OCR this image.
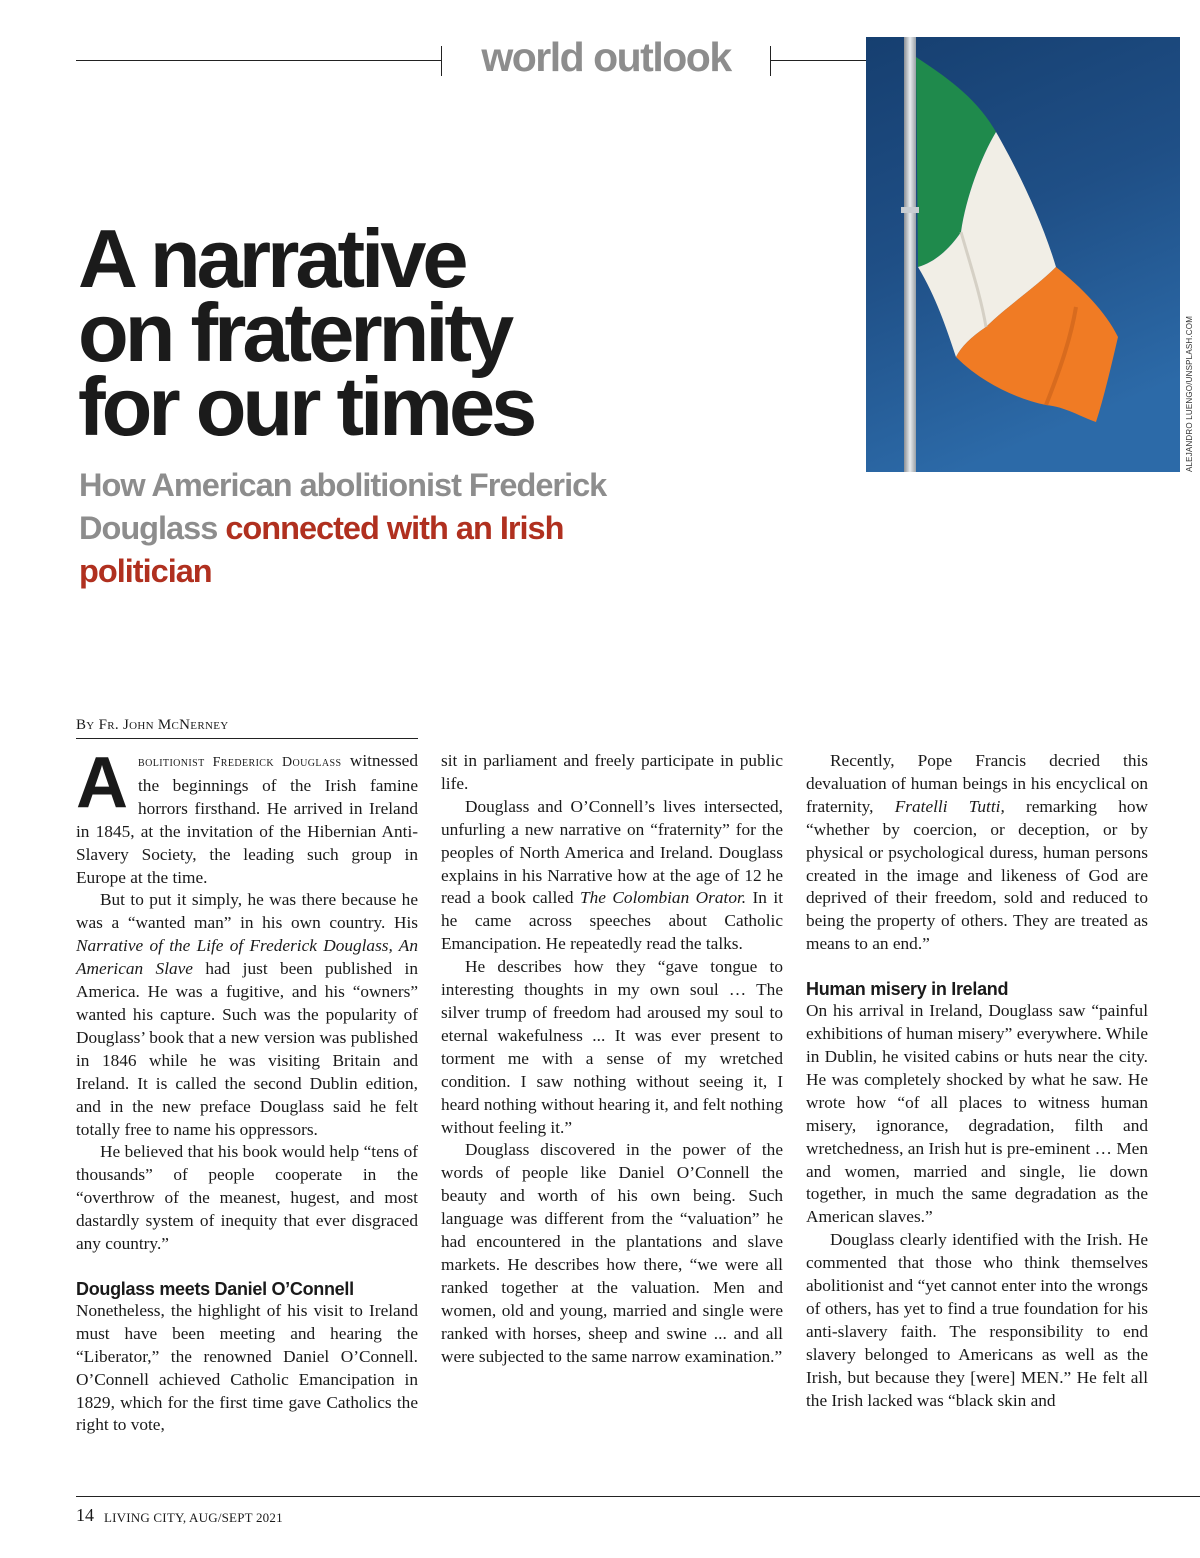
world outlook
ALEJANDRO LUENGO/UNSPLASH.COM
A narrative
on fraternity
for our times
How American abolitionist Frederick Douglass connected with an Irish politician
By Fr. John McNerney

Abolitionist Frederick Douglass witnessed the beginnings of the Irish famine horrors firsthand. He arrived in Ireland in 1845, at the invitation of the Hibernian Anti-Slavery Society, the leading such group in Europe at the time.

But to put it simply, he was there because he was a “wanted man” in his own country. His Narrative of the Life of Frederick Douglass, An American Slave had just been published in America. He was a fugitive, and his “owners” wanted his capture. Such was the popularity of Douglass’ book that a new version was published in 1846 while he was visiting Britain and Ireland. It is called the second Dublin edition, and in the new preface Douglass said he felt totally free to name his oppressors.

He believed that his book would help “tens of thousands” of people cooperate in the “overthrow of the meanest, hugest, and most dastardly system of inequity that ever disgraced any country.”

Douglass meets Daniel O’Connell

Nonetheless, the highlight of his visit to Ireland must have been meeting and hearing the “Liberator,” the renowned Daniel O’Connell. O’Connell achieved Catholic Emancipation in 1829, which for the first time gave Catholics the right to vote,

sit in parliament and freely participate in public life.

Douglass and O’Connell’s lives intersected, unfurling a new narrative on “fraternity” for the peoples of North America and Ireland. Douglass explains in his Narrative how at the age of 12 he read a book called The Colombian Orator. In it he came across speeches about Catholic Emancipation. He repeatedly read the talks.

He describes how they “gave tongue to interesting thoughts in my own soul … The silver trump of freedom had aroused my soul to eternal wakefulness ... It was ever present to torment me with a sense of my wretched condition. I saw nothing without seeing it, I heard nothing without hearing it, and felt nothing without feeling it.”

Douglass discovered in the power of the words of people like Daniel O’Connell the beauty and worth of his own being. Such language was different from the “valuation” he had encountered in the plantations and slave markets. He describes how there, “we were all ranked together at the valuation. Men and women, old and young, married and single were ranked with horses, sheep and swine ... and all were subjected to the same narrow examination.”

Recently, Pope Francis decried this devaluation of human beings in his encyclical on fraternity, Fratelli Tutti, remarking how “whether by coercion, or deception, or by physical or psychological duress, human persons created in the image and likeness of God are deprived of their freedom, sold and reduced to being the property of others. They are treated as means to an end.”

Human misery in Ireland

On his arrival in Ireland, Douglass saw “painful exhibitions of human misery” everywhere. While in Dublin, he visited cabins or huts near the city. He was completely shocked by what he saw. He wrote how “of all places to witness human misery, ignorance, degradation, filth and wretchedness, an Irish hut is pre-eminent … Men and women, married and single, lie down together, in much the same degradation as the American slaves.”

Douglass clearly identified with the Irish. He commented that those who think themselves abolitionist and “yet cannot enter into the wrongs of others, has yet to find a true foundation for his anti-slavery faith. The responsibility to end slavery belonged to Americans as well as the Irish, but because they [were] MEN.” He felt all the Irish lacked was “black skin and

14 LIVING CITY, AUG/SEPT 2021
